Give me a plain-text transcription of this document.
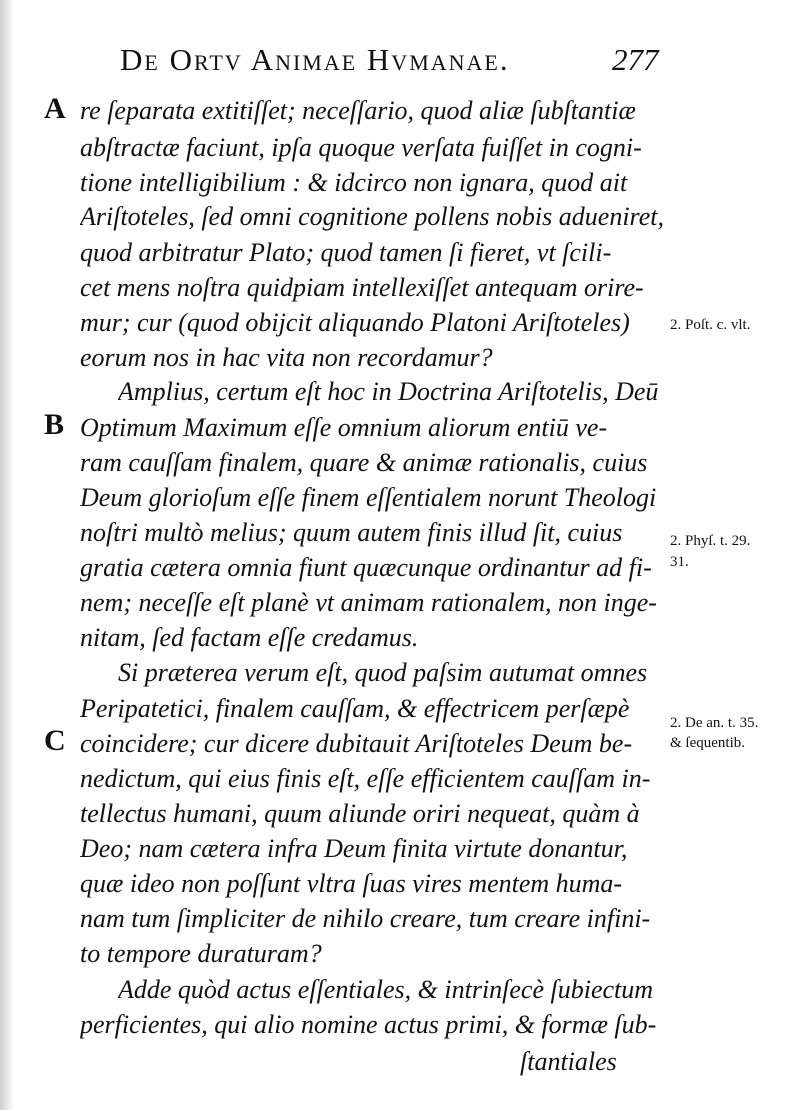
De Ortv Animae Hvmanae.	277
A
B
C
re ſeparata extitiſſet; neceſſario, quod aliæ ſubſtantiæ
abſtractæ faciunt, ipſa quoque verſata fuiſſet in cogni-
tione intelligibilium : & idcirco non ignara, quod ait
Ariſtoteles, ſed omni cognitione pollens nobis adueniret,
quod arbitratur Plato; quod tamen ſi fieret, vt ſcili-
cet mens noſtra quidpiam intellexiſſet antequam orire-
mur; cur (quod obijcit aliquando Platoni Ariſtoteles)
eorum nos in hac vita non recordamur?
Amplius, certum eſt hoc in Doctrina Ariſtotelis, Deū
Optimum Maximum eſſe omnium aliorum entiū ve-
ram cauſſam finalem, quare & animæ rationalis, cuius
Deum glorioſum eſſe finem eſſentialem norunt Theologi
noſtri multò melius; quum autem finis illud ſit, cuius
gratia cætera omnia fiunt quæcunque ordinantur ad fi-
nem; neceſſe eſt planè vt animam rationalem, non inge-
nitam, ſed factam eſſe credamus.
Si præterea verum eſt, quod paſsim autumat omnes
Peripatetici, finalem cauſſam, & effectricem perſæpè
coincidere; cur dicere dubitauit Ariſtoteles Deum be-
nedictum, qui eius finis eſt, eſſe efficientem cauſſam in-
tellectus humani, quum aliunde oriri nequeat, quàm à
Deo; nam cætera infra Deum finita virtute donantur,
quæ ideo non poſſunt vltra ſuas vires mentem huma-
nam tum ſimpliciter de nihilo creare, tum creare infini-
to tempore duraturam?
Adde quòd actus eſſentiales, & intrinſecè ſubiectum
perficientes, qui alio nomine actus primi, & formæ ſub-
ſtantiales
2. Poſt. c. vlt.
2. Phyſ. t. 29.
31.
2. De an. t. 35.
& ſequentib.
